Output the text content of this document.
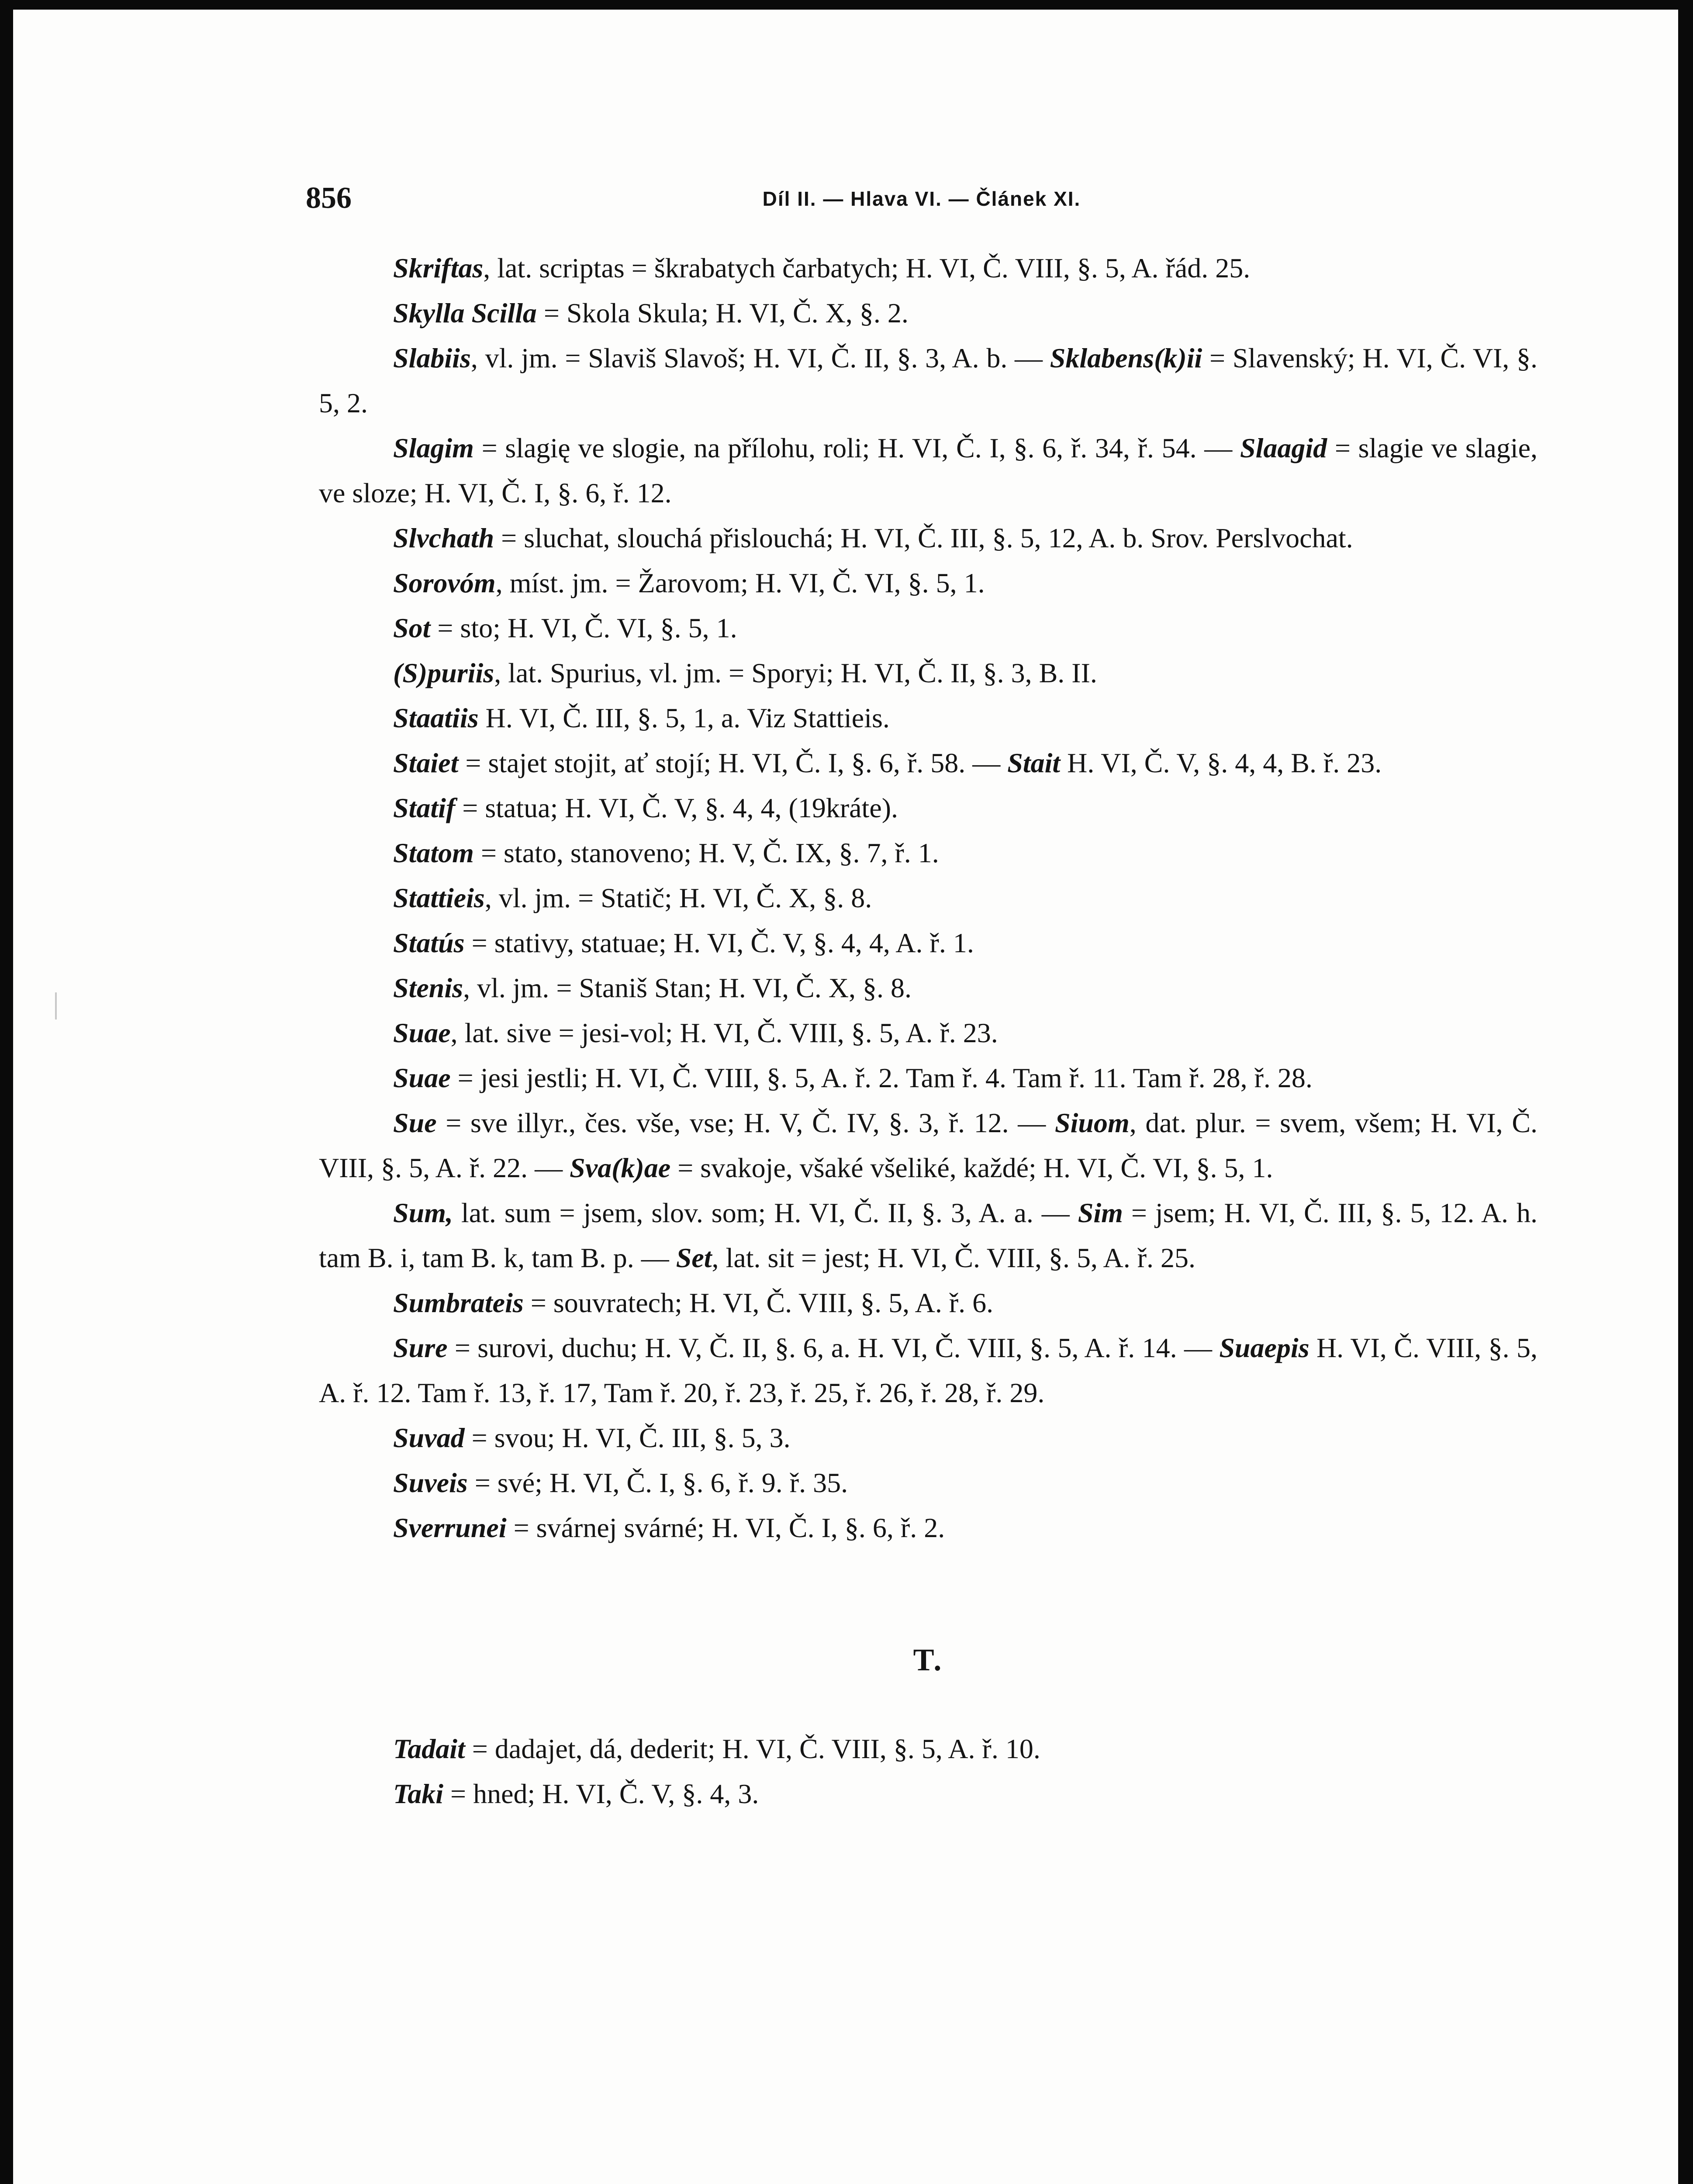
856	Díl II. — Hlava VI. — Článek XI.

Skriftas, lat. scriptas = škrabatych čarbatych; H. VI, Č. VIII, §. 5, A. řád. 25.

Skylla Scilla = Skola Skula; H. VI, Č. X, §. 2.

Slabiis, vl. jm. = Slaviš Slavoš; H. VI, Č. II, §. 3, A. b. — Sklabens(k)ii = Slavenský; H. VI, Č. VI, §. 5, 2.

Slagim = slagię ve slogie, na přílohu, roli; H. VI, Č. I, §. 6, ř. 34, ř. 54. — Slaagid = slagie ve slagie, ve sloze; H. VI, Č. I, §. 6, ř. 12.

Slvchath = sluchat, slouchá přislouchá; H. VI, Č. III, §. 5, 12, A. b. Srov. Perslvochat.

Sorovóm, míst. jm. = Žarovom; H. VI, Č. VI, §. 5, 1.

Sot = sto; H. VI, Č. VI, §. 5, 1.

(S)puriis, lat. Spurius, vl. jm. = Sporyi; H. VI, Č. II, §. 3, B. II.

Staatiis H. VI, Č. III, §. 5, 1, a. Viz Stattieis.

Staiet = stajet stojit, ať stojí; H. VI, Č. I, §. 6, ř. 58. — Stait H. VI, Č. V, §. 4, 4, B. ř. 23.

Statif = statua; H. VI, Č. V, §. 4, 4, (19kráte).

Statom = stato, stanoveno; H. V, Č. IX, §. 7, ř. 1.

Stattieis, vl. jm. = Statič; H. VI, Č. X, §. 8.

Statús = stativy, statuae; H. VI, Č. V, §. 4, 4, A. ř. 1.

Stenis, vl. jm. = Staniš Stan; H. VI, Č. X, §. 8.

Suae, lat. sive = jesi-vol; H. VI, Č. VIII, §. 5, A. ř. 23.

Suae = jesi jestli; H. VI, Č. VIII, §. 5, A. ř. 2. Tam ř. 4. Tam ř. 11. Tam ř. 28, ř. 28.

Sue = sve illyr., čes. vše, vse; H. V, Č. IV, §. 3, ř. 12. — Siuom, dat. plur. = svem, všem; H. VI, Č. VIII, §. 5, A. ř. 22. — Sva(k)ae = svakoje, všaké všeliké, každé; H. VI, Č. VI, §. 5, 1.

Sum, lat. sum = jsem, slov. som; H. VI, Č. II, §. 3, A. a. — Sim = jsem; H. VI, Č. III, §. 5, 12. A. h. tam B. i, tam B. k, tam B. p. — Set, lat. sit = jest; H. VI, Č. VIII, §. 5, A. ř. 25.

Sumbrateis = souvratech; H. VI, Č. VIII, §. 5, A. ř. 6.

Sure = surovi, duchu; H. V, Č. II, §. 6, a. H. VI, Č. VIII, §. 5, A. ř. 14. — Suaepis H. VI, Č. VIII, §. 5, A. ř. 12. Tam ř. 13, ř. 17, Tam ř. 20, ř. 23, ř. 25, ř. 26, ř. 28, ř. 29.

Suvad = svou; H. VI, Č. III, §. 5, 3.

Suveis = své; H. VI, Č. I, §. 6, ř. 9. ř. 35.

Sverrunei = svárnej svárné; H. VI, Č. I, §. 6, ř. 2.

T.

Tadait = dadajet, dá, dederit; H. VI, Č. VIII, §. 5, A. ř. 10.

Taki = hned; H. VI, Č. V, §. 4, 3.
